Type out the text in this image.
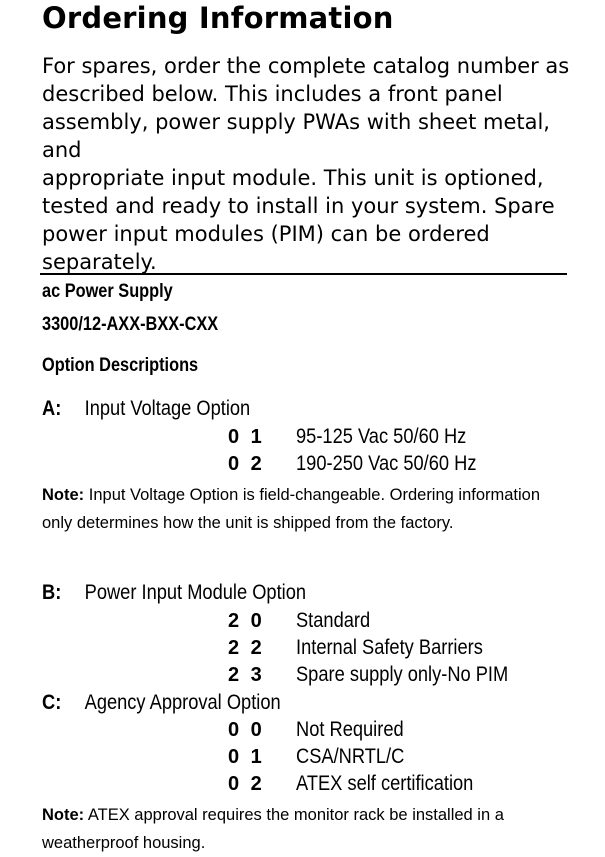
Ordering Information

For spares, order the complete catalog number as
described below. This includes a front panel
assembly, power supply PWAs with sheet metal, and
appropriate input module. This unit is optioned,
tested and ready to install in your system. Spare
power input modules (PIM) can be ordered
separately.

ac Power Supply
3300/12-AXX-BXX-CXX
Option Descriptions
A: Input Voltage Option
0 1	95-125 Vac 50/60 Hz
0 2	190-250 Vac 50/60 Hz

Note: Input Voltage Option is field-changeable. Ordering information only determines how the unit is shipped from the factory.

B: Power Input Module Option
2 0	Standard
2 2	Internal Safety Barriers
2 3	Spare supply only-No PIM
C: Agency Approval Option
0 0	Not Required
0 1	CSA/NRTL/C
0 2	ATEX self certification

Note: ATEX approval requires the monitor rack be installed in a weatherproof housing.
